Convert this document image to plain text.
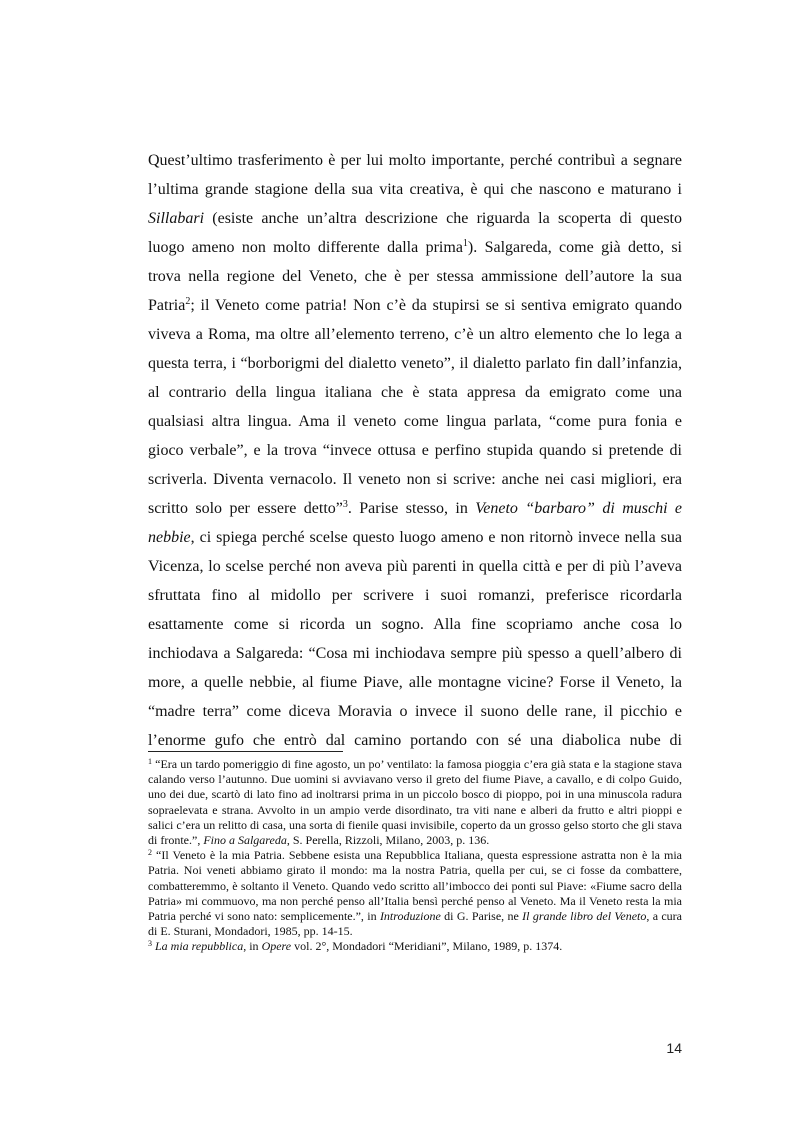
Quest’ultimo trasferimento è per lui molto importante, perché contribuì a segnare
l’ultima grande stagione della sua vita creativa, è qui che nascono e maturano i
Sillabari (esiste anche un’altra descrizione che riguarda la scoperta di questo
luogo ameno non molto differente dalla prima$^1$). Salgareda, come già detto, si
trova nella regione del Veneto, che è per stessa ammissione dell’autore la sua
Patria$^2$; il Veneto come patria! Non c’è da stupirsi se si sentiva emigrato quando
viveva a Roma, ma oltre all’elemento terreno, c’è un altro elemento che lo lega a
questa terra, i “borborigmi del dialetto veneto”, il dialetto parlato fin dall’infanzia,
al contrario della lingua italiana che è stata appresa da emigrato come una
qualsiasi altra lingua. Ama il veneto come lingua parlata, “come pura fonia e
gioco verbale”, e la trova “invece ottusa e perfino stupida quando si pretende di
scriverla. Diventa vernacolo. Il veneto non si scrive: anche nei casi migliori, era
scritto solo per essere detto”$^3$. Parise stesso, in Veneto “barbaro” di muschi e
nebbie, ci spiega perché scelse questo luogo ameno e non ritornò invece nella sua
Vicenza, lo scelse perché non aveva più parenti in quella città e per di più l’aveva
sfruttata fino al midollo per scrivere i suoi romanzi, preferisce ricordarla
esattamente come si ricorda un sogno. Alla fine scopriamo anche cosa lo
inchiodava a Salgareda: “Cosa mi inchiodava sempre più spesso a quell’albero di
more, a quelle nebbie, al fiume Piave, alle montagne vicine? Forse il Veneto, la
“madre terra” come diceva Moravia o invece il suono delle rane, il picchio e
l’enorme gufo che entrò dal camino portando con sé una diabolica nube di
$^1$ “Era un tardo pomeriggio di fine agosto, un po’ ventilato: la famosa pioggia c’era già stata e la stagione stava calando verso l’autunno. Due uomini si avviavano verso il greto del fiume Piave, a cavallo, e di colpo Guido, uno dei due, scartò di lato fino ad inoltrarsi prima in un piccolo bosco di pioppo, poi in una minuscola radura sopraelevata e strana. Avvolto in un ampio verde disordinato, tra viti nane e alberi da frutto e altri pioppi e salici c’era un relitto di casa, una sorta di fienile quasi invisibile, coperto da un grosso gelso storto che gli stava di fronte.”, Fino a Salgareda, S. Perella, Rizzoli, Milano, 2003, p. 136.
$^2$ “Il Veneto è la mia Patria. Sebbene esista una Repubblica Italiana, questa espressione astratta non è la mia Patria. Noi veneti abbiamo girato il mondo: ma la nostra Patria, quella per cui, se ci fosse da combattere, combatteremmo, è soltanto il Veneto. Quando vedo scritto all’imbocco dei ponti sul Piave: «Fiume sacro della Patria» mi commuovo, ma non perché penso all’Italia bensì perché penso al Veneto. Ma il Veneto resta la mia Patria perché vi sono nato: semplicemente.”, in Introduzione di G. Parise, ne Il grande libro del Veneto, a cura di E. Sturani, Mondadori, 1985, pp. 14-15.
$^3$ La mia repubblica, in Opere vol. 2°, Mondadori “Meridiani”, Milano, 1989, p. 1374.
14
